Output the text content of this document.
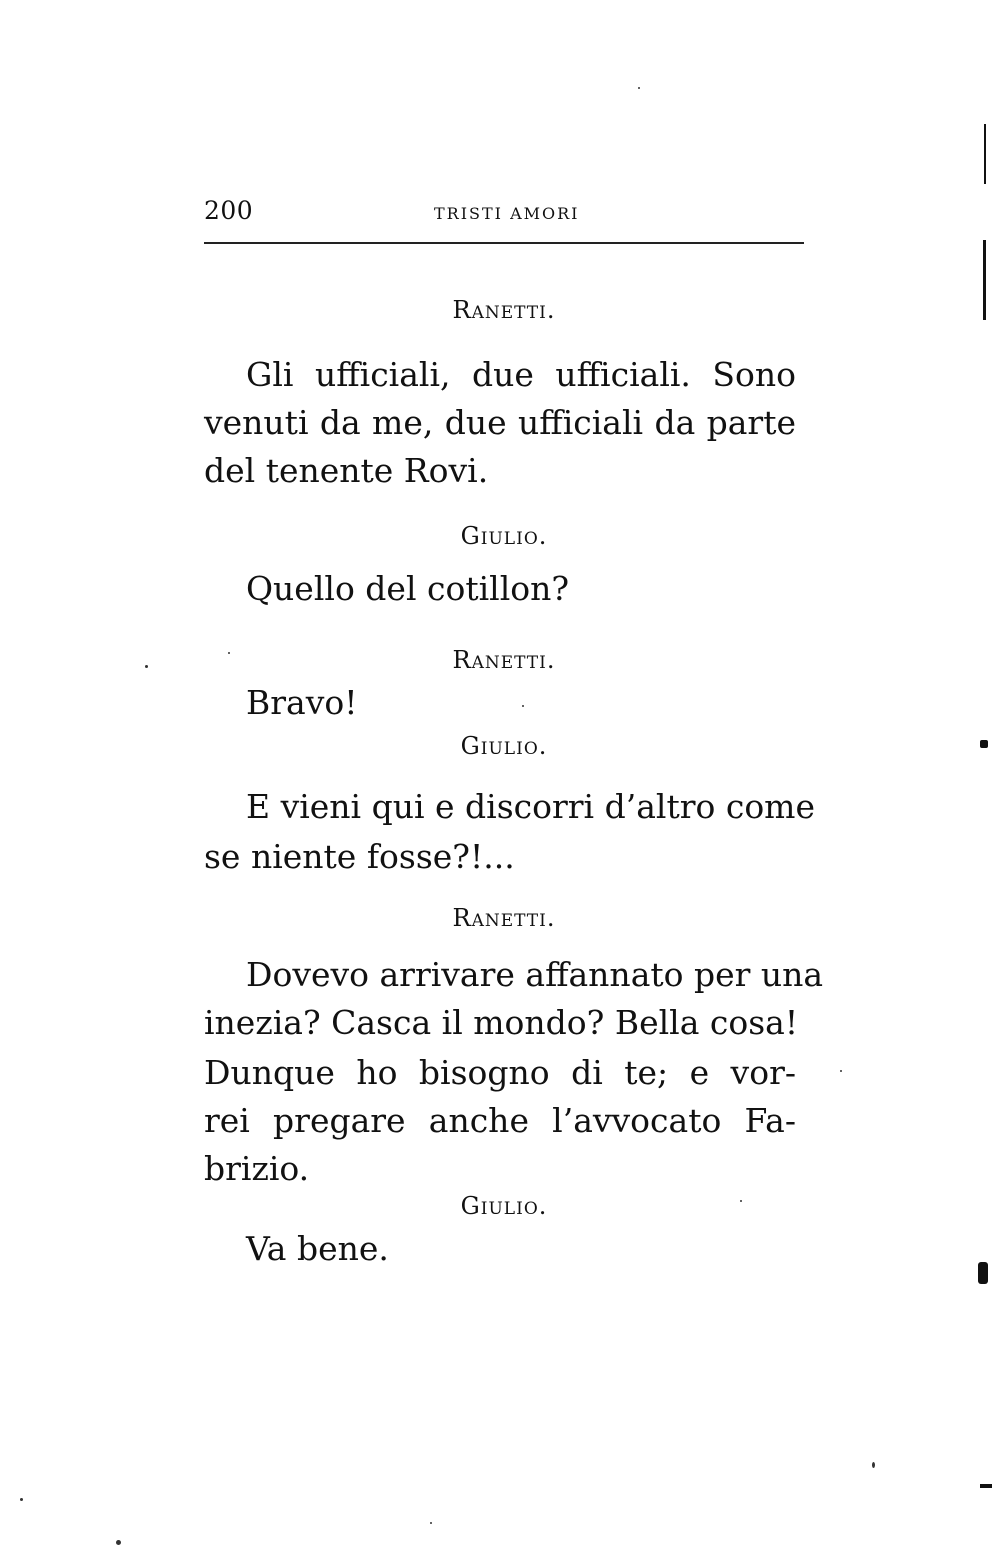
200	TRISTI AMORI
Ranetti.
Gli ufficiali, due ufficiali. Sono
venuti da me, due ufficiali da parte
del tenente Rovi.
Giulio.
Quello del cotillon?
Ranetti.
Bravo!
Giulio.
E vieni qui e discorri d’altro come
se niente fosse?!...
Ranetti.
Dovevo arrivare affannato per una
inezia? Casca il mondo? Bella cosa!
Dunque ho bisogno di te; e vor-
rei pregare anche l’avvocato Fa-
brizio.
Giulio.
Va bene.
